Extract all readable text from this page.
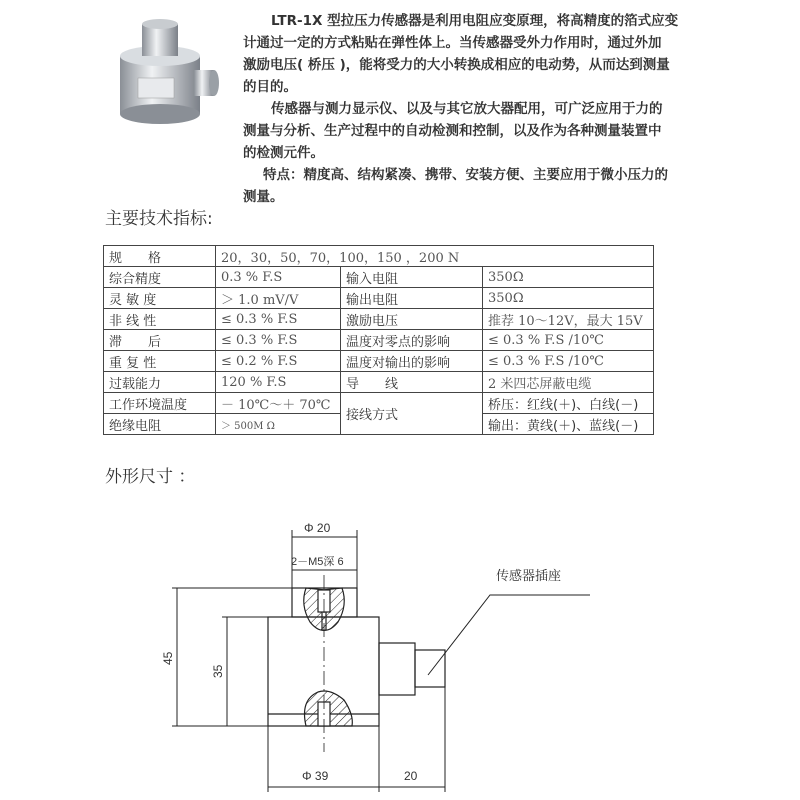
LTR-1X 型拉压力传感器是利用电阻应变原理，将高精度的箔式应变
计通过一定的方式粘贴在弹性体上。当传感器受外力作用时，通过外加
激励电压( 桥压 )，能将受力的大小转换成相应的电动势，从而达到测量
的目的。
传感器与测力显示仪、以及与其它放大器配用，可广泛应用于力的
测量与分析、生产过程中的自动检测和控制，以及作为各种测量装置中
的检测元件。
特点：精度高、结构紧凑、携带、安装方便、主要应用于微小压力的
测量。
主要技术指标:
规　　格	20，30，50，70，100，150 ，200 N		
综合精度	0.3 % F.S	输入电阻	350Ω
灵 敏 度	＞ 1.0 mV/V	输出电阻	350Ω
非 线 性	≤ 0.3 % F.S	激励电压	推荐 10～12V，最大 15V
滞　　后	≤ 0.3 % F.S	温度对零点的影响	≤ 0.3 % F.S /10℃
重 复 性	≤ 0.2 % F.S	温度对输出的影响	≤ 0.3 % F.S /10℃
过载能力	120 % F.S	导　　线	2 米四芯屏蔽电缆
工作环境温度	－ 10℃～＋ 70℃	接线方式	桥压：红线(＋)、白线(－)
绝缘电阻	＞ 500M Ω		输出：黄线(＋)、蓝线(－)
外形尺寸 ：
Φ 20
2－M5深 6
45
35
Φ 39	20
传感器插座
